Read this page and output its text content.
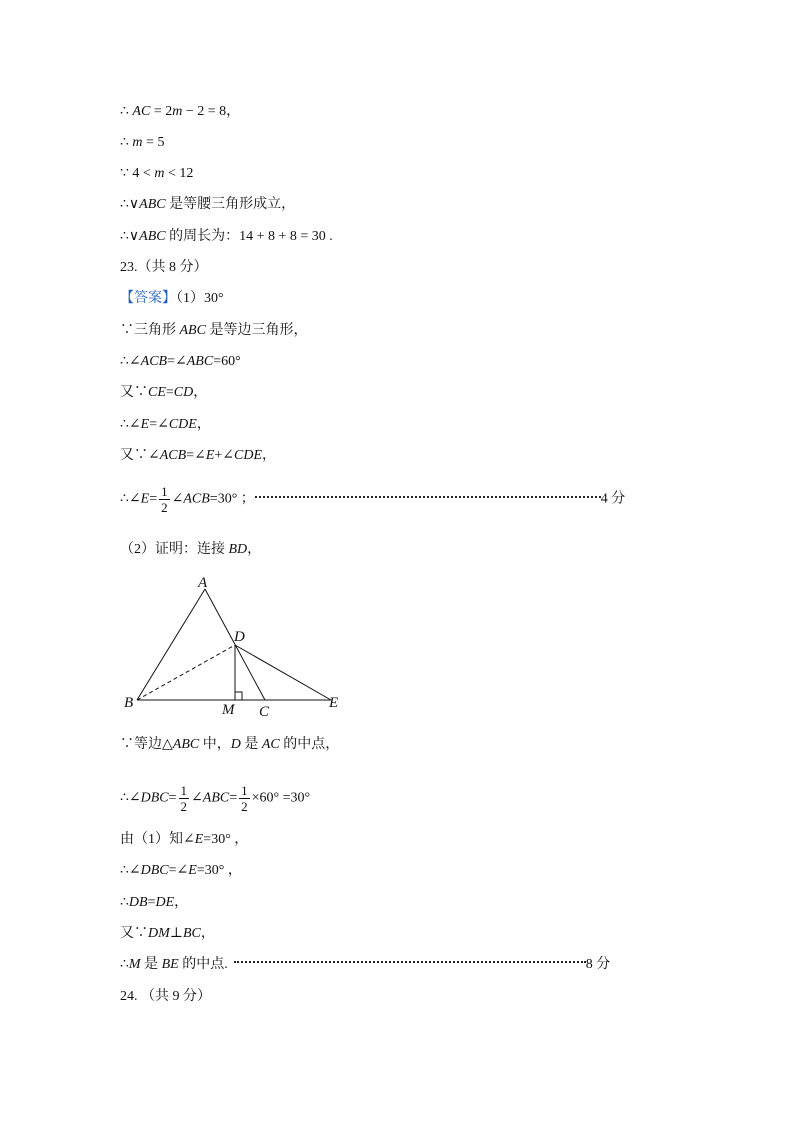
∴ AC = 2m − 2 = 8，
∴ m = 5
∵ 4 < m < 12
∴∨ABC 是等腰三角形成立，
∴∨ABC 的周长为：14 + 8 + 8 = 30 .
23.（共 8 分）
【答案】（1）30°
∵三角形 ABC 是等边三角形，
∴∠ACB=∠ABC=60°
又∵CE=CD，
∴∠E=∠CDE，
又∵∠ACB=∠E+∠CDE，
∴∠E= $\frac{1}{2}$ ∠ACB=30° ；	4 分
（2）证明：连接 BD，
A
B
C
D
E
M
∵等边△ABC 中，D 是 AC 的中点，
∴∠DBC= $\frac{1}{2}$ ∠ABC= $\frac{1}{2} \times 60^\circ =30^\circ$
由（1）知∠E=30° ，
∴∠DBC=∠E=30° ，
∴DB=DE，
又∵DM⊥BC，
∴M 是 BE 的中点.	8 分
24. （共 9 分）
